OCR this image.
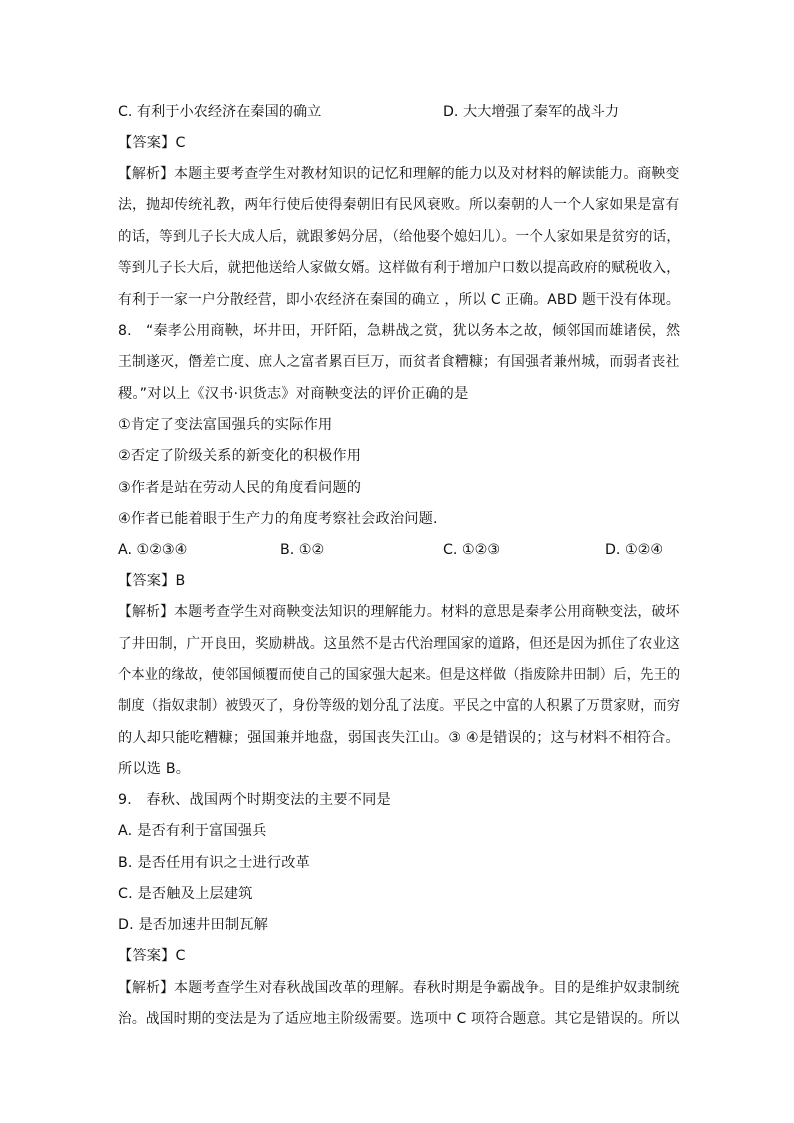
C. 有利于小农经济在秦国的确立	D. 大大增强了秦军的战斗力
【答案】C
【解析】本题主要考查学生对教材知识的记忆和理解的能力以及对材料的解读能力。商鞅变
法，抛却传统礼教，两年行使后使得秦朝旧有民风衰败。所以秦朝的人一个人家如果是富有
的话，等到儿子长大成人后，就跟爹妈分居，（给他娶个媳妇儿）。一个人家如果是贫穷的话，
等到儿子长大后，就把他送给人家做女婿。这样做有利于增加户口数以提高政府的赋税收入，
有利于一家一户分散经营，即小农经济在秦国的确立 ，所以 C 正确。ABD 题干没有体现。
8.　“秦孝公用商鞅，坏井田，开阡陌，急耕战之赏，犹以务本之故，倾邻国而雄诸侯，然
王制遂灭，僭差亡度、庶人之富者累百巨万，而贫者食糟糠；有国强者兼州城，而弱者丧社
稷。”对以上《汉书·识货志》对商鞅变法的评价正确的是
①肯定了变法富国强兵的实际作用
②否定了阶级关系的新变化的积极作用
③作者是站在劳动人民的角度看问题的
④作者已能着眼于生产力的角度考察社会政治问题.
A. ①②③④	B. ①②	C. ①②③	D. ①②④
【答案】B
【解析】本题考查学生对商鞅变法知识的理解能力。材料的意思是秦孝公用商鞅变法，破坏
了井田制，广开良田，奖励耕战。这虽然不是古代治理国家的道路，但还是因为抓住了农业这
个本业的缘故，使邻国倾覆而使自己的国家强大起来。但是这样做（指废除井田制）后，先王的
制度（指奴隶制）被毁灭了，身份等级的划分乱了法度。平民之中富的人积累了万贯家财，而穷
的人却只能吃糟糠；强国兼并地盘，弱国丧失江山。③ ④是错误的；这与材料不相符合。
所以选 B。
9.　春秋、战国两个时期变法的主要不同是
A. 是否有利于富国强兵
B. 是否任用有识之士进行改革
C. 是否触及上层建筑
D. 是否加速井田制瓦解
【答案】C
【解析】本题考查学生对春秋战国改革的理解。春秋时期是争霸战争。目的是维护奴隶制统
治。战国时期的变法是为了适应地主阶级需要。选项中 C 项符合题意。其它是错误的。所以
